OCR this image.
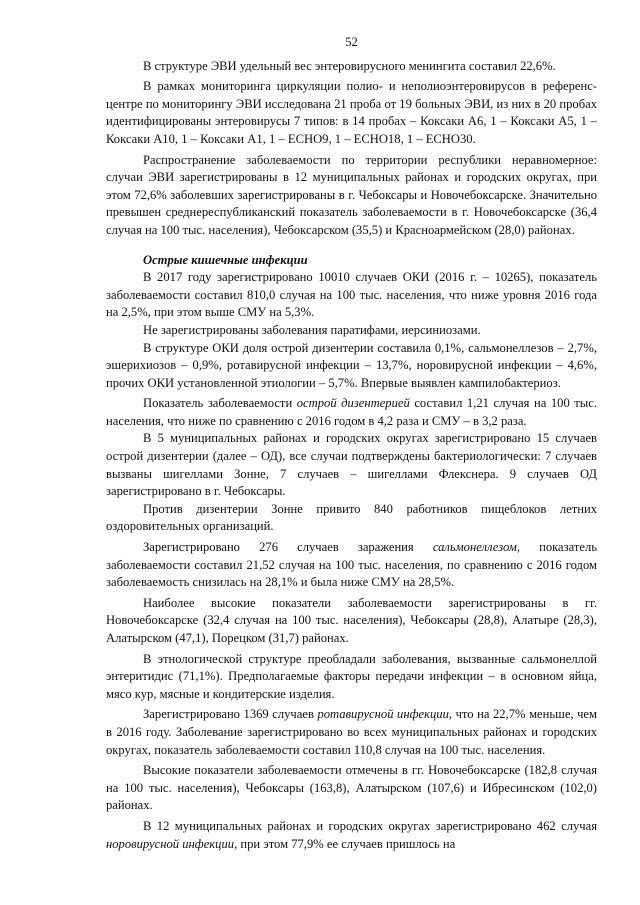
52

В структуре ЭВИ удельный вес энтеровирусного менингита составил 22,6%.

В рамках мониторинга циркуляции полио- и неполиоэнтеровирусов в референс-центре по мониторингу ЭВИ исследована 21 проба от 19 больных ЭВИ, из них в 20 пробах идентифицированы энтеровирусы 7 типов: в 14 пробах – Коксаки А6, 1 – Коксаки А5, 1 – Коксаки А10, 1 – Коксаки А1, 1 – ЕСНО9, 1 – ЕСНО18, 1 – ЕСНО30.

Распространение заболеваемости по территории республики неравномерное: случаи ЭВИ зарегистрированы в 12 муниципальных районах и городских округах, при этом 72,6% заболевших зарегистрированы в г. Чебоксары и Новочебоксарске. Значительно превышен среднереспубликанский показатель заболеваемости в г. Новочебоксарске (36,4 случая на 100 тыс. населения), Чебоксарском (35,5) и Красноармейском (28,0) районах.

Острые кишечные инфекции

В 2017 году зарегистрировано 10010 случаев ОКИ (2016 г. – 10265), показатель заболеваемости составил 810,0 случая на 100 тыс. населения, что ниже уровня 2016 года на 2,5%, при этом выше СМУ на 5,3%.

Не зарегистрированы заболевания паратифами, иерсиниозами.

В структуре ОКИ доля острой дизентерии составила 0,1%, сальмонеллезов – 2,7%, эшерихиозов – 0,9%, ротавирусной инфекции – 13,7%, норовирусной инфекции – 4,6%, прочих ОКИ установленной этиологии – 5,7%. Впервые выявлен кампилобактериоз.

Показатель заболеваемости острой дизентерией составил 1,21 случая на 100 тыс. населения, что ниже по сравнению с 2016 годом в 4,2 раза и СМУ – в 3,2 раза.

В 5 муниципальных районах и городских округах зарегистрировано 15 случаев острой дизентерии (далее – ОД), все случаи подтверждены бактериологически: 7 случаев вызваны шигеллами Зонне, 7 случаев – шигеллами Флекснера. 9 случаев ОД зарегистрировано в г. Чебоксары.

Против дизентерии Зонне привито 840 работников пищеблоков летних оздоровительных организаций.

Зарегистрировано 276 случаев заражения сальмонеллезом, показатель заболеваемости составил 21,52 случая на 100 тыс. населения, по сравнению с 2016 годом заболеваемость снизилась на 28,1% и была ниже СМУ на 28,5%.

Наиболее высокие показатели заболеваемости зарегистрированы в гг. Новочебоксарске (32,4 случая на 100 тыс. населения), Чебоксары (28,8), Алатыре (28,3), Алатырском (47,1), Порецком (31,7) районах.

В этнологической структуре преобладали заболевания, вызванные сальмонеллой энтеритидис (71,1%). Предполагаемые факторы передачи инфекции – в основном яйца, мясо кур, мясные и кондитерские изделия.

Зарегистрировано 1369 случаев ротавирусной инфекции, что на 22,7% меньше, чем в 2016 году. Заболевание зарегистрировано во всех муниципальных районах и городских округах, показатель заболеваемости составил 110,8 случая на 100 тыс. населения.

Высокие показатели заболеваемости отмечены в гг. Новочебоксарске (182,8 случая на 100 тыс. населения), Чебоксары (163,8), Алатырском (107,6) и Ибресинском (102,0) районах.

В 12 муниципальных районах и городских округах зарегистрировано 462 случая норовирусной инфекции, при этом 77,9% ее случаев пришлось на
